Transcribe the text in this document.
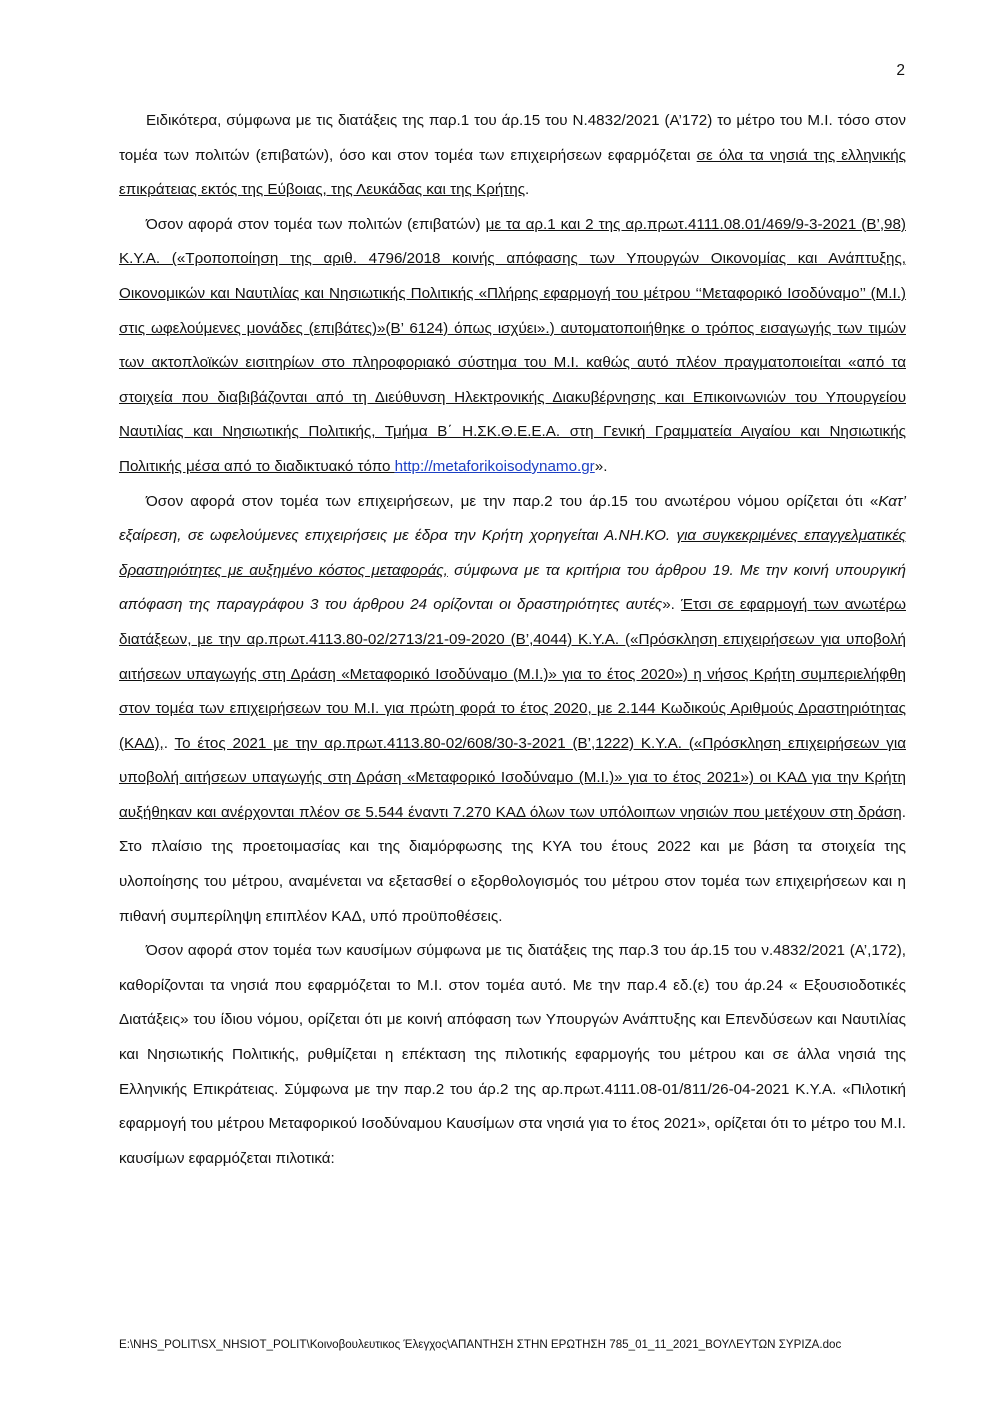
2

Ειδικότερα, σύμφωνα με τις διατάξεις της παρ.1 του άρ.15 του Ν.4832/2021 (Α’172) το μέτρο του Μ.Ι. τόσο στον τομέα των πολιτών (επιβατών), όσο και στον τομέα των επιχειρήσεων εφαρμόζεται σε όλα τα νησιά της ελληνικής επικράτειας εκτός της Εύβοιας, της Λευκάδας και της Κρήτης.

Όσον αφορά στον τομέα των πολιτών (επιβατών) με τα αρ.1 και 2 της αρ.πρωτ.4111.08.01/469/9-3-2021 (Β’,98) Κ.Υ.Α. («Τροποποίηση της αριθ. 4796/2018 κοινής απόφασης των Υπουργών Οικονομίας και Ανάπτυξης, Οικονομικών και Ναυτιλίας και Νησιωτικής Πολιτικής «Πλήρης εφαρμογή του μέτρου ‘‘Μεταφορικό Ισοδύναμο’’ (Μ.Ι.) στις ωφελούμενες μονάδες (επιβάτες)»(Β’ 6124) όπως ισχύει».) αυτοματοποιήθηκε ο τρόπος εισαγωγής των τιμών των ακτοπλοϊκών εισιτηρίων στο πληροφοριακό σύστημα του Μ.Ι. καθώς αυτό πλέον πραγματοποιείται «από τα στοιχεία που διαβιβάζονται από τη Διεύθυνση Ηλεκτρονικής Διακυβέρνησης και Επικοινωνιών του Υπουργείου Ναυτιλίας και Νησιωτικής Πολιτικής, Τμήμα Β΄ Η.ΣΚ.Θ.Ε.Ε.Α. στη Γενική Γραμματεία Αιγαίου και Νησιωτικής Πολιτικής μέσα από το διαδικτυακό τόπο http://metaforikoisodynamo.gr».

Όσον αφορά στον τομέα των επιχειρήσεων, με την παρ.2 του άρ.15 του ανωτέρου νόμου ορίζεται ότι «Κατ’ εξαίρεση, σε ωφελούμενες επιχειρήσεις με έδρα την Κρήτη χορηγείται Α.ΝΗ.ΚΟ. για συγκεκριμένες επαγγελματικές δραστηριότητες με αυξημένο κόστος μεταφοράς, σύμφωνα με τα κριτήρια του άρθρου 19. Με την κοινή υπουργική απόφαση της παραγράφου 3 του άρθρου 24 ορίζονται οι δραστηριότητες αυτές». Έτσι σε εφαρμογή των ανωτέρω διατάξεων, με την αρ.πρωτ.4113.80-02/2713/21-09-2020 (Β’,4044) Κ.Υ.Α. («Πρόσκληση επιχειρήσεων για υποβολή αιτήσεων υπαγωγής στη Δράση «Μεταφορικό Ισοδύναμο (Μ.Ι.)» για το έτος 2020») η νήσος Κρήτη συμπεριελήφθη στον τομέα των επιχειρήσεων του Μ.Ι. για πρώτη φορά το έτος 2020, με 2.144 Κωδικούς Αριθμούς Δραστηριότητας (ΚΑΔ),. Το έτος 2021 με την αρ.πρωτ.4113.80-02/608/30-3-2021 (Β’,1222) Κ.Υ.Α. («Πρόσκληση επιχειρήσεων για υποβολή αιτήσεων υπαγωγής στη Δράση «Μεταφορικό Ισοδύναμο (Μ.Ι.)» για το έτος 2021») οι ΚΑΔ για την Κρήτη αυξήθηκαν και ανέρχονται πλέον σε 5.544 έναντι 7.270 ΚΑΔ όλων των υπόλοιπων νησιών που μετέχουν στη δράση. Στο πλαίσιο της προετοιμασίας και της διαμόρφωσης της ΚΥΑ του έτους 2022 και με βάση τα στοιχεία της υλοποίησης του μέτρου, αναμένεται να εξετασθεί ο εξορθολογισμός του μέτρου στον τομέα των επιχειρήσεων και η πιθανή συμπερίληψη επιπλέον ΚΑΔ, υπό προϋποθέσεις.

Όσον αφορά στον τομέα των καυσίμων σύμφωνα με τις διατάξεις της παρ.3 του άρ.15 του ν.4832/2021 (Α’,172), καθορίζονται τα νησιά που εφαρμόζεται το Μ.Ι. στον τομέα αυτό. Με την παρ.4 εδ.(ε) του άρ.24 « Εξουσιοδοτικές Διατάξεις» του ίδιου νόμου, ορίζεται ότι με κοινή απόφαση των Υπουργών Ανάπτυξης και Επενδύσεων και Ναυτιλίας και Νησιωτικής Πολιτικής, ρυθμίζεται η επέκταση της πιλοτικής εφαρμογής του μέτρου και σε άλλα νησιά της Ελληνικής Επικράτειας. Σύμφωνα με την παρ.2 του άρ.2 της αρ.πρωτ.4111.08-01/811/26-04-2021 Κ.Υ.Α. «Πιλοτική εφαρμογή του μέτρου Μεταφορικού Ισοδύναμου Καυσίμων στα νησιά για το έτος 2021», ορίζεται ότι το μέτρο του Μ.Ι. καυσίμων εφαρμόζεται πιλοτικά:

E:\NHS_POLIT\SX_NHSIOT_POLIT\Κοινοβουλευτικος Έλεγχος\ΑΠΑΝΤΗΣΗ ΣΤΗΝ ΕΡΩΤΗΣΗ 785_01_11_2021_ΒΟΥΛΕΥΤΩΝ ΣΥΡΙΖΑ.doc
